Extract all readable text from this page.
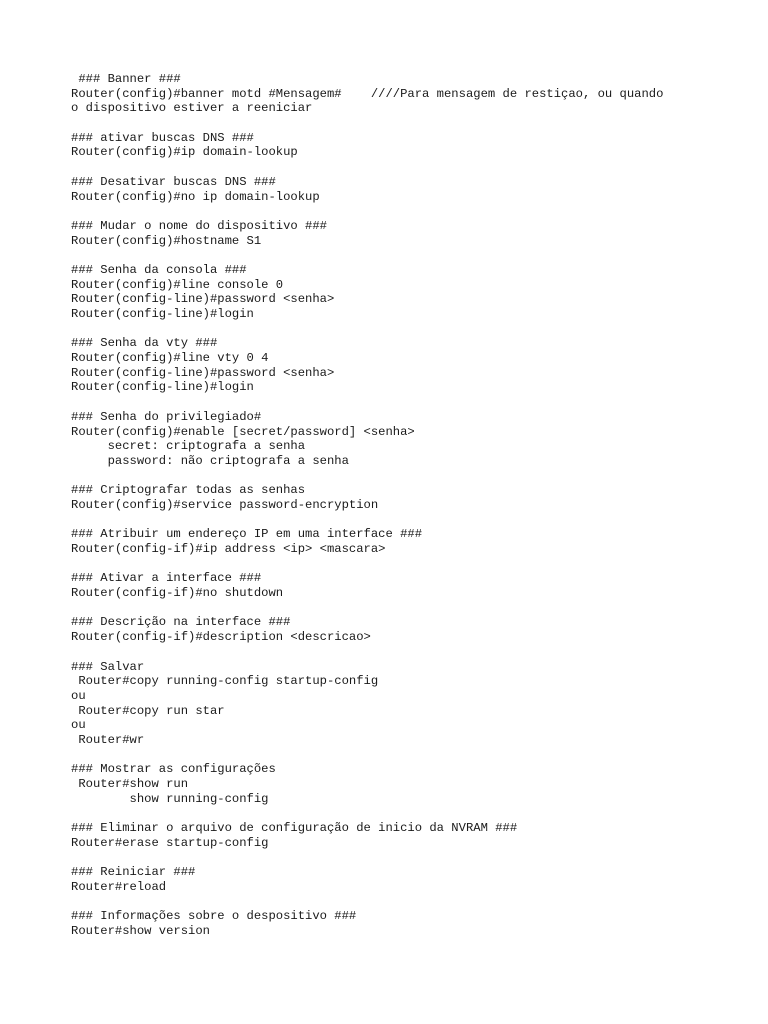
### Banner ###
Router(config)#banner motd #Mensagem#    ////Para mensagem de restiçao, ou quando
o dispositivo estiver a reeniciar
### ativar buscas DNS ###
Router(config)#ip domain-lookup
### Desativar buscas DNS ###
Router(config)#no ip domain-lookup
### Mudar o nome do dispositivo ###
Router(config)#hostname S1
### Senha da consola ###
Router(config)#line console 0
Router(config-line)#password <senha>
Router(config-line)#login
### Senha da vty ###
Router(config)#line vty 0 4
Router(config-line)#password <senha>
Router(config-line)#login
### Senha do privilegiado#
Router(config)#enable [secret/password] <senha>
secret: criptografa a senha
password: não criptografa a senha
### Criptografar todas as senhas
Router(config)#service password-encryption
### Atribuir um endereço IP em uma interface ###
Router(config-if)#ip address <ip> <mascara>
### Ativar a interface ###
Router(config-if)#no shutdown
### Descrição na interface ###
Router(config-if)#description <descricao>
### Salvar
Router#copy running-config startup-config
ou
Router#copy run star
ou
Router#wr
### Mostrar as configurações
Router#show run
show running-config
### Eliminar o arquivo de configuração de inicio da NVRAM ###
Router#erase startup-config
### Reiniciar ###
Router#reload
### Informações sobre o despositivo ###
Router#show version
